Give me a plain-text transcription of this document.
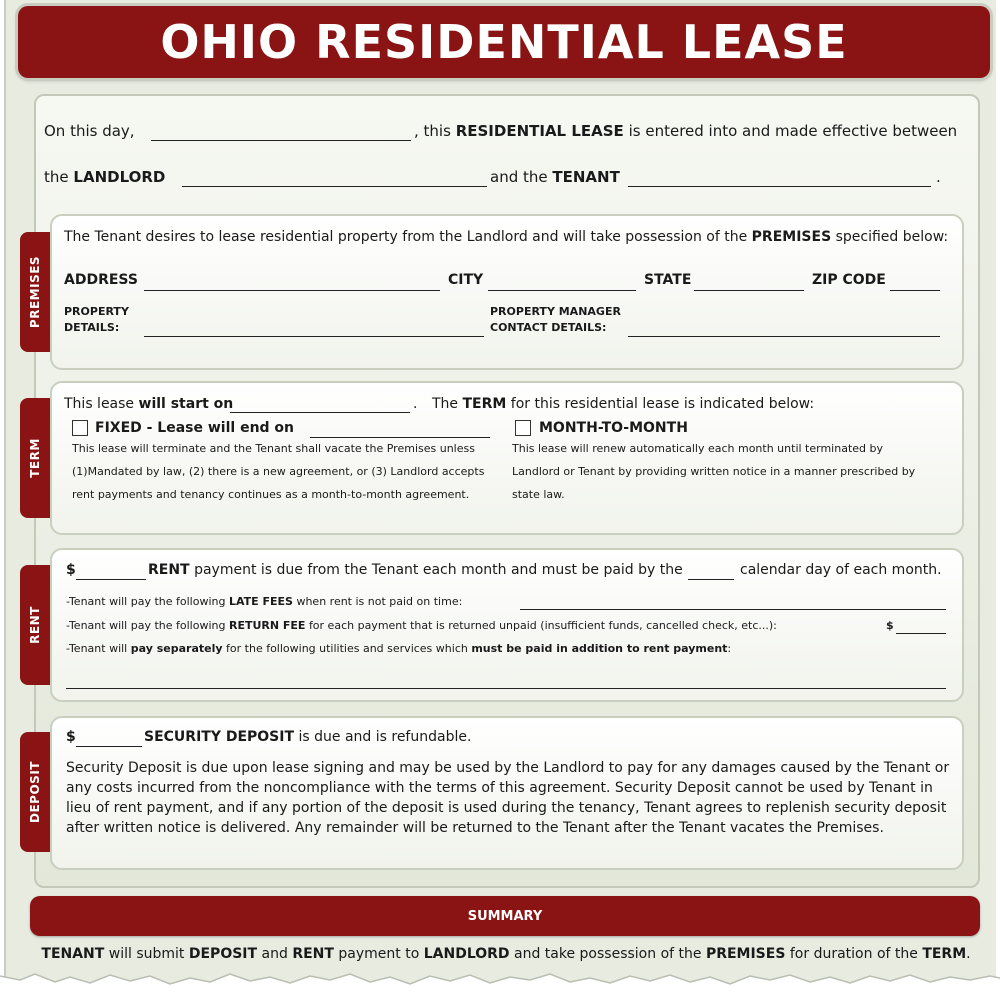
OHIO RESIDENTIAL LEASE
On this day,	, this RESIDENTIAL LEASE is entered into and made effective between
the LANDLORD	and the TENANT	.
PREMISES
The Tenant desires to lease residential property from the Landlord and will take possession of the PREMISES specified below:
ADDRESS	CITY	STATE	ZIP CODE
PROPERTY
DETAILS:
PROPERTY MANAGER
CONTACT DETAILS:
TERM
This lease will start on	. The TERM for this residential lease is indicated below:
FIXED - Lease will end on
This lease will terminate and the Tenant shall vacate the Premises unless
(1)Mandated by law, (2) there is a new agreement, or (3) Landlord accepts
rent payments and tenancy continues as a month-to-month agreement.
MONTH-TO-MONTH
This lease will renew automatically each month until terminated by
Landlord or Tenant by providing written notice in a manner prescribed by
state law.
RENT
$	RENT payment is due from the Tenant each month and must be paid by the	calendar day of each month.
-Tenant will pay the following LATE FEES when rent is not paid on time:
-Tenant will pay the following RETURN FEE for each payment that is returned unpaid (insufficient funds, cancelled check, etc...):	$
-Tenant will pay separately for the following utilities and services which must be paid in addition to rent payment:
DEPOSIT
$	SECURITY DEPOSIT is due and is refundable.
Security Deposit is due upon lease signing and may be used by the Landlord to pay for any damages caused by the Tenant or
any costs incurred from the noncompliance with the terms of this agreement. Security Deposit cannot be used by Tenant in
lieu of rent payment, and if any portion of the deposit is used during the tenancy, Tenant agrees to replenish security deposit
after written notice is delivered. Any remainder will be returned to the Tenant after the Tenant vacates the Premises.
SUMMARY
TENANT will submit DEPOSIT and RENT payment to LANDLORD and take possession of the PREMISES for duration of the TERM.
